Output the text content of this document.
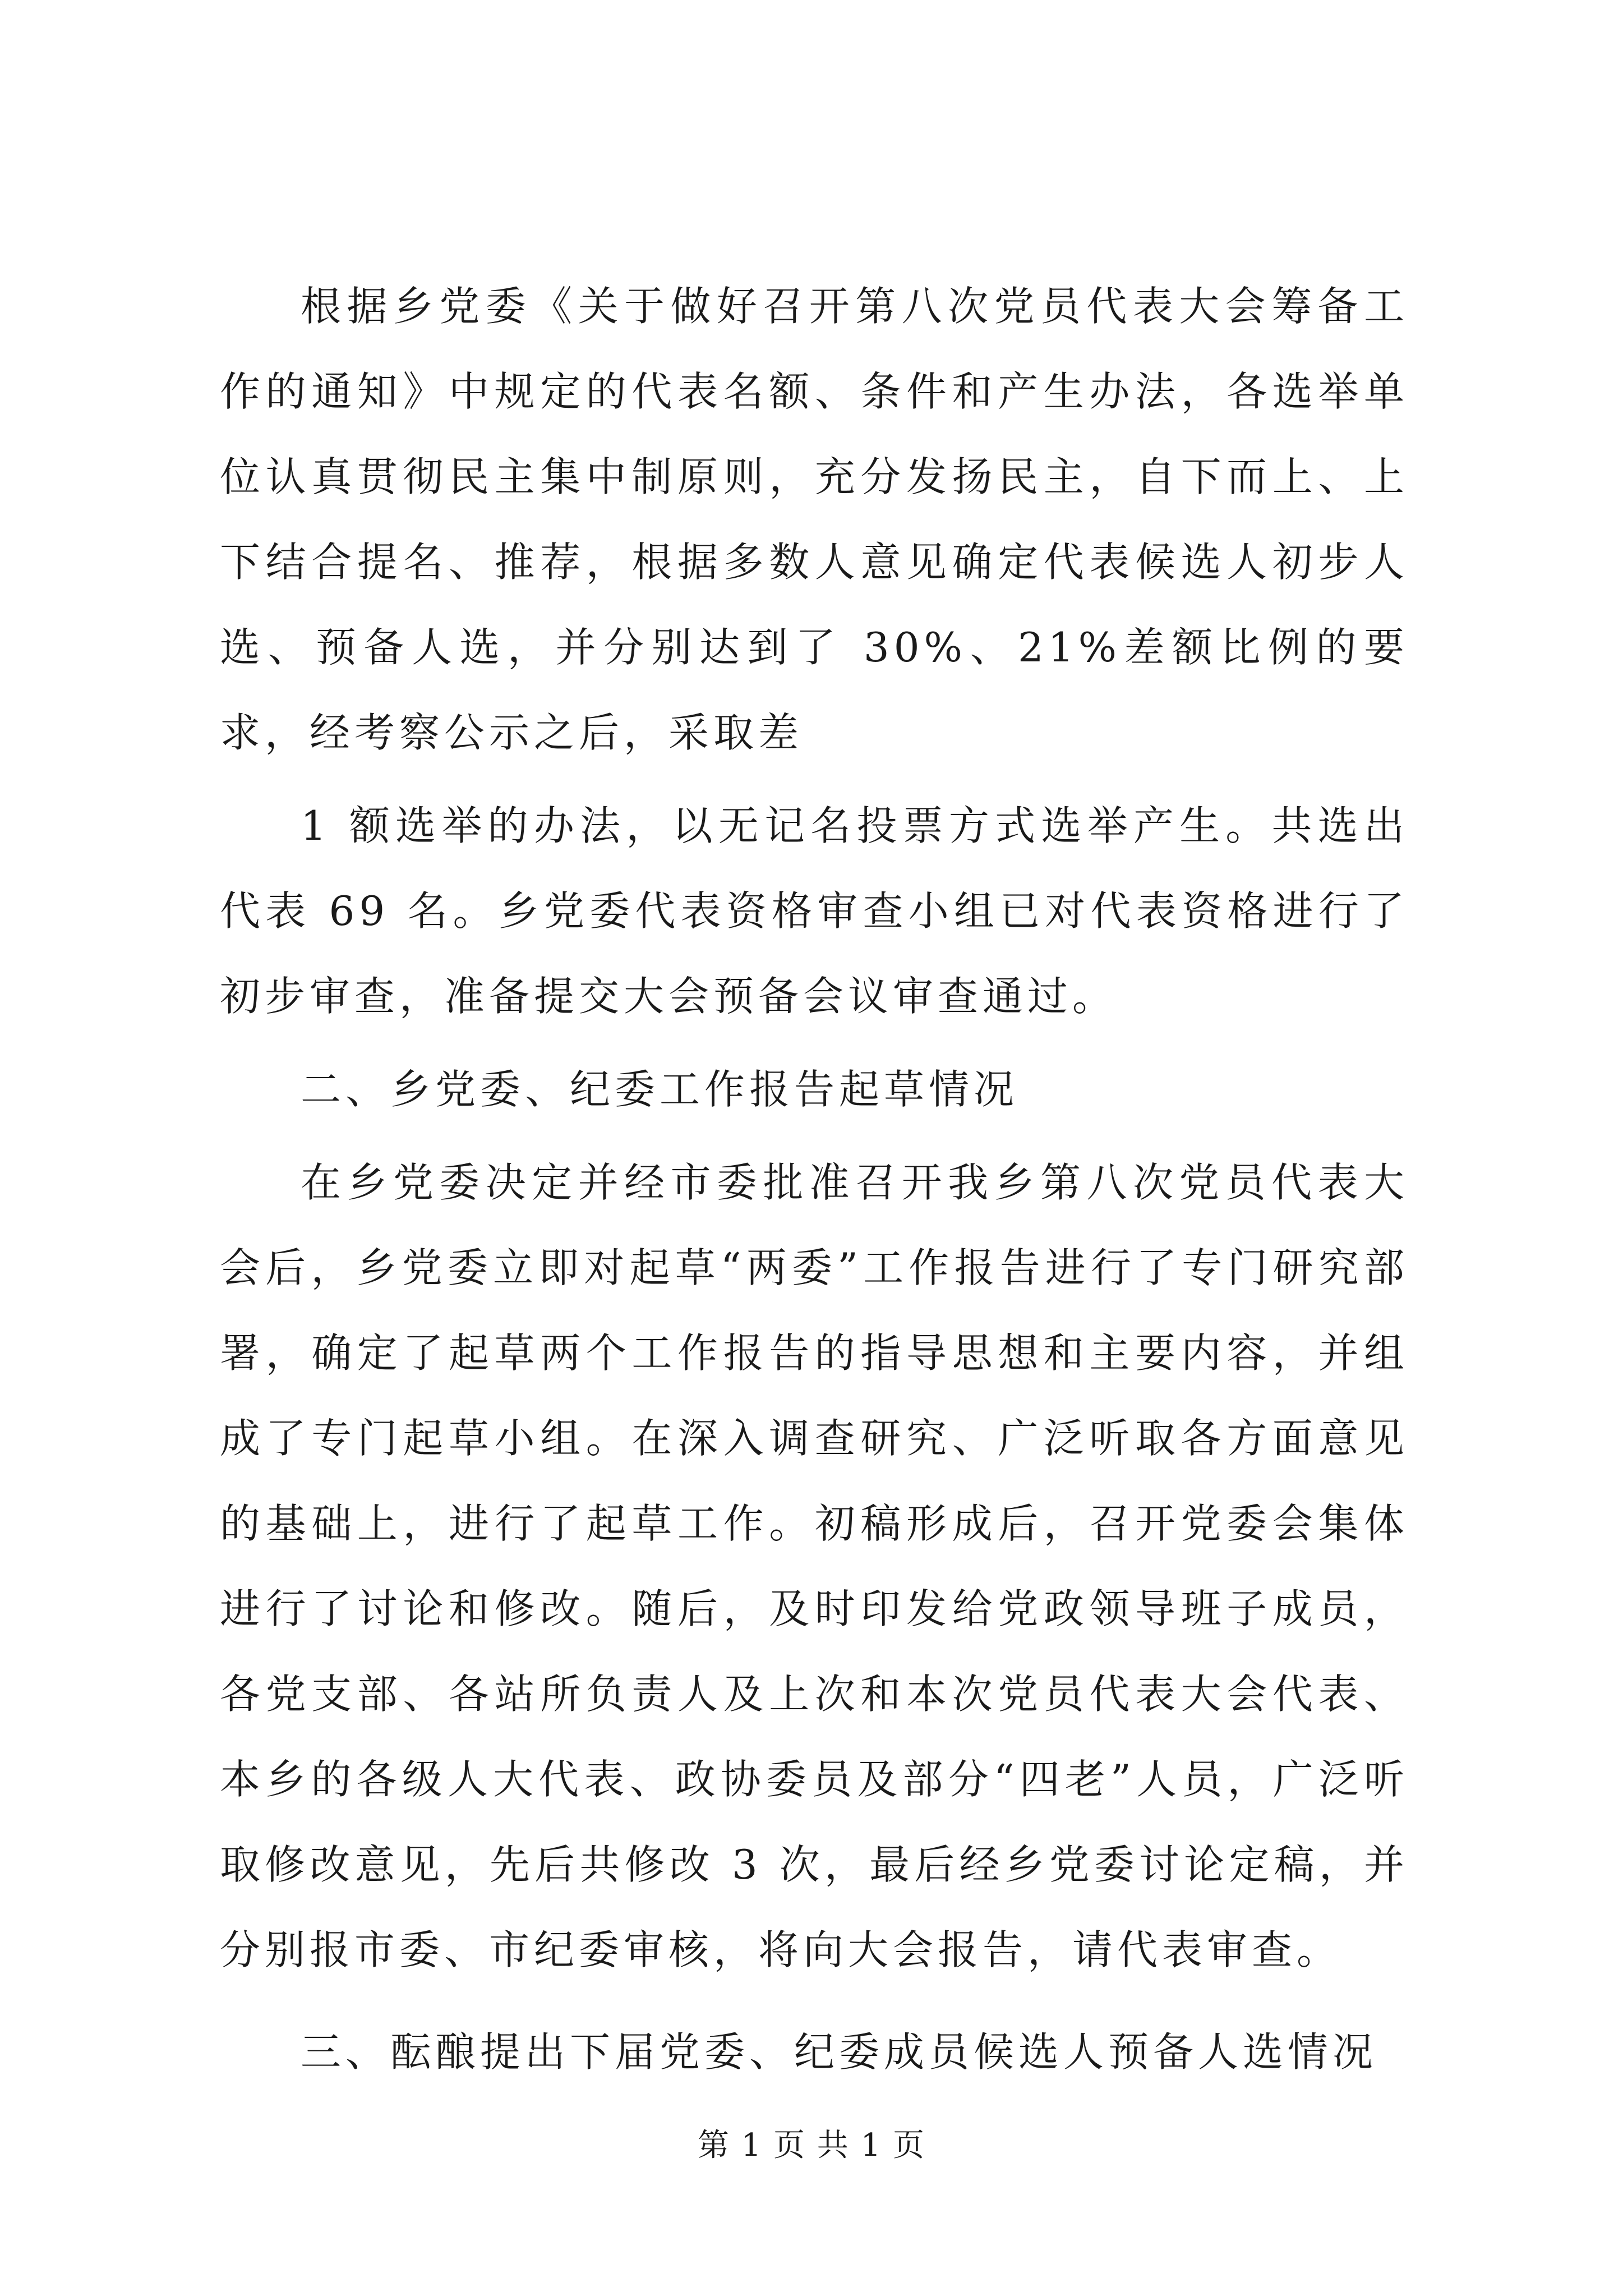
根据乡党委《关于做好召开第八次党员代表大会筹备工作的通知》中规定的代表名额、条件和产生办法，各选举单位认真贯彻民主集中制原则，充分发扬民主，自下而上、上下结合提名、推荐，根据多数人意见确定代表候选人初步人选、预备人选，并分别达到了 30%、21%差额比例的要求，经考察公示之后，采取差

1 额选举的办法，以无记名投票方式选举产生。共选出代表 69 名。乡党委代表资格审查小组已对代表资格进行了初步审查，准备提交大会预备会议审查通过。

二、乡党委、纪委工作报告起草情况

在乡党委决定并经市委批准召开我乡第八次党员代表大会后，乡党委立即对起草“两委”工作报告进行了专门研究部署，确定了起草两个工作报告的指导思想和主要内容，并组成了专门起草小组。在深入调查研究、广泛听取各方面意见的基础上，进行了起草工作。初稿形成后，召开党委会集体进行了讨论和修改。随后，及时印发给党政领导班子成员，各党支部、各站所负责人及上次和本次党员代表大会代表、本乡的各级人大代表、政协委员及部分“四老”人员，广泛听取修改意见，先后共修改 3 次，最后经乡党委讨论定稿，并分别报市委、市纪委审核，将向大会报告，请代表审查。

三、酝酿提出下届党委、纪委成员候选人预备人选情况

第 1 页 共 1 页
